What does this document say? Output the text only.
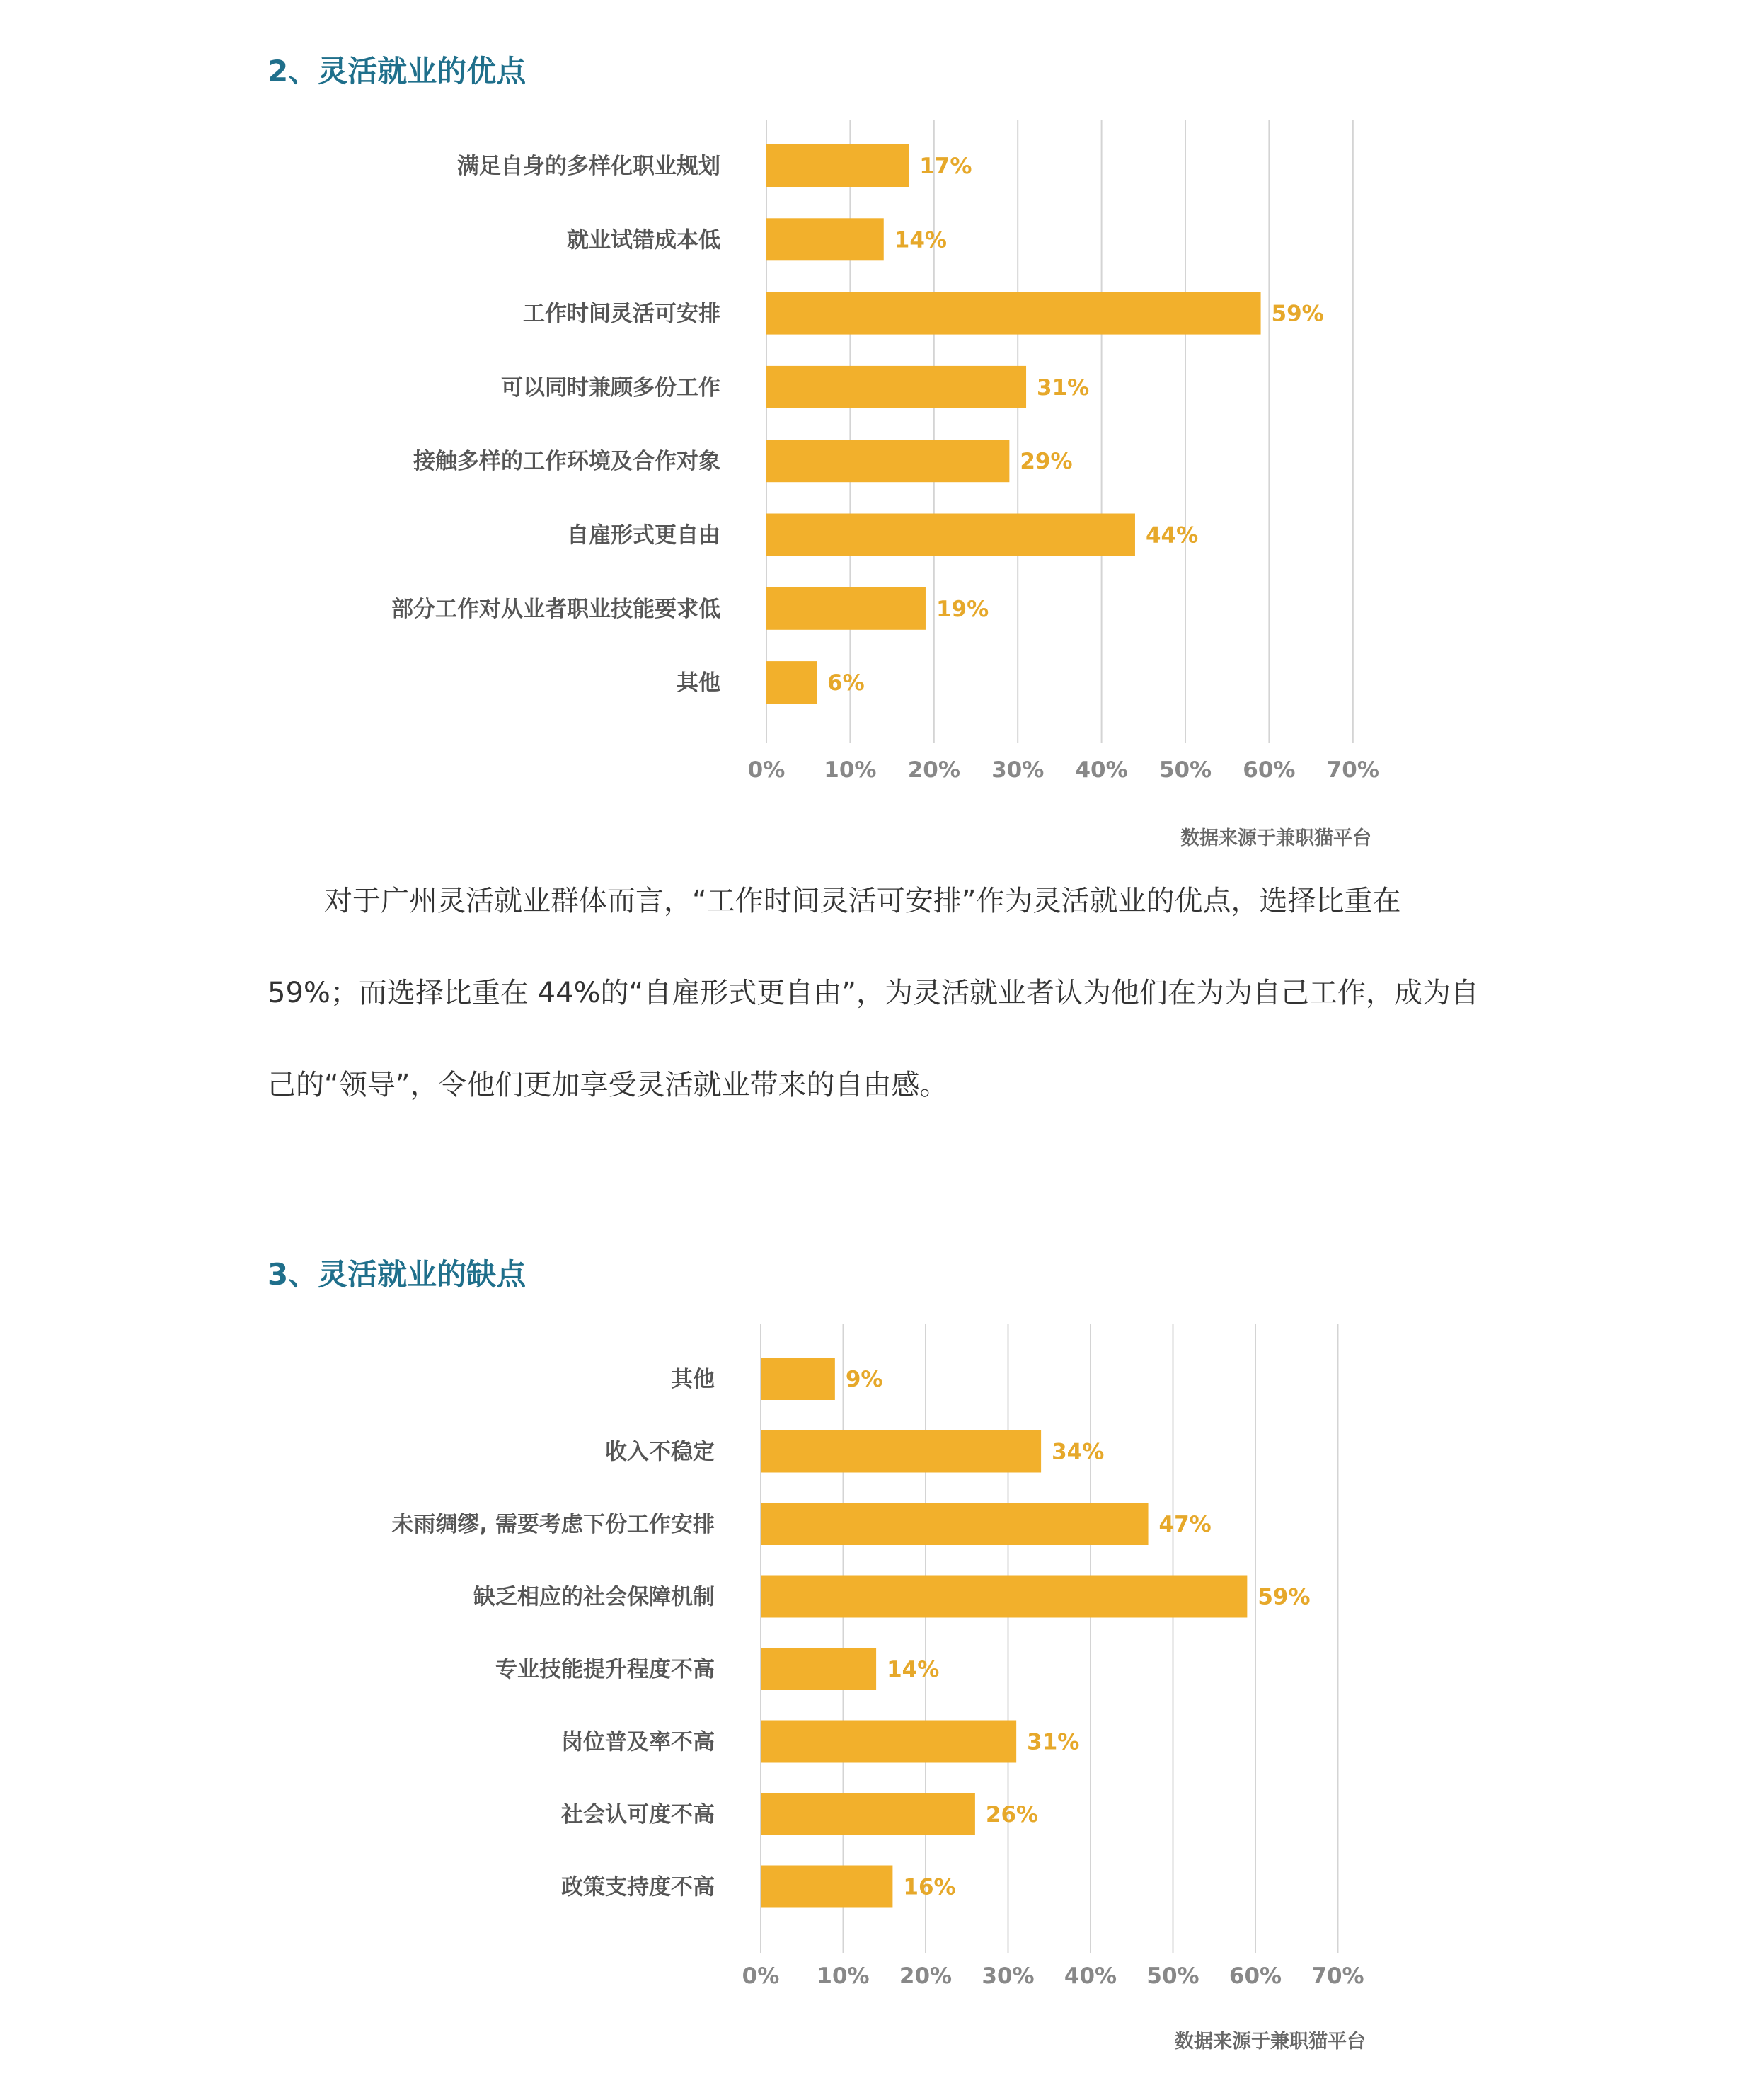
2、灵活就业的优点
0% 10% 20% 30% 40% 50% 60% 70%
满足自身的多样化职业规划	17%
就业试错成本低	14%
工作时间灵活可安排	59%
可以同时兼顾多份工作	31%
接触多样的工作环境及合作对象	29%
自雇形式更自由	44%
部分工作对从业者职业技能要求低	19%
其他	6%
数据来源于兼职猫平台

　　对于广州灵活就业群体而言，“工作时间灵活可安排”作为灵活就业的优点，选择比重在 59%；而选择比重在 44%的“自雇形式更自由”，为灵活就业者认为他们在为为自己工作，成为自己的“领导”，令他们更加享受灵活就业带来的自由感。

3、灵活就业的缺点
0% 10% 20% 30% 40% 50% 60% 70%
其他	9%
收入不稳定	34%
未雨绸缪, 需要考虑下份工作安排	47%
缺乏相应的社会保障机制	59%
专业技能提升程度不高	14%
岗位普及率不高	31%
社会认可度不高	26%
政策支持度不高	16%
数据来源于兼职猫平台
